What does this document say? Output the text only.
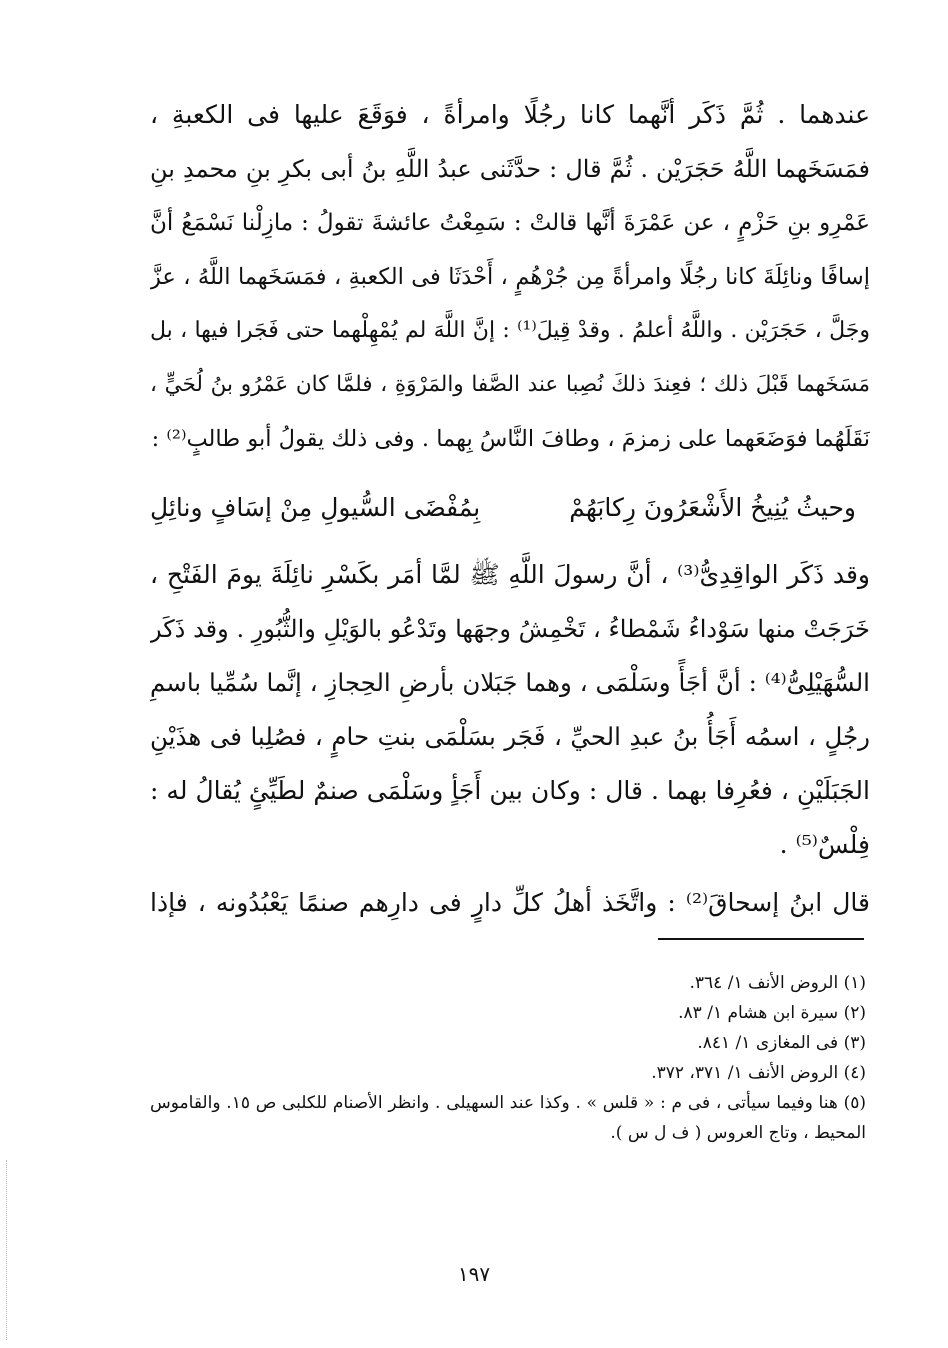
عندهما . ثُمَّ ذَكَر أنَّهما كانا رجُلًا وامرأةً ، فوَقَعَ عليها فى الكعبةِ ،
فمَسَخَهما اللَّهُ حَجَرَيْن . ثُمَّ قال : حدَّثَنى عبدُ اللَّهِ بنُ أبى بكرِ بنِ محمدِ بنِ
عَمْرِو بنِ حَزْمٍ ، عن عَمْرَةَ أنَّها قالتْ : سَمِعْتُ عائشةَ تقولُ : مازِلْنا نَسْمَعُ أنَّ
إسافًا ونائِلَةَ كانا رجُلًا وامرأةً مِن جُرْهُمٍ ، أَحْدَثَا فى الكعبةِ ، فمَسَخَهما اللَّهُ ، عزَّ
وجَلَّ ، حَجَرَيْن . واللَّهُ أعلمُ . وقدْ قِيلَ⁽¹⁾ : إنَّ اللَّهَ لم يُمْهِلْهما حتى فَجَرا فيها ، بل
مَسَخَهما قَبْلَ ذلك ؛ فعِندَ ذلكَ نُصِبا عند الصَّفا والمَرْوَةِ ، فلمَّا كان عَمْرُو بنُ لُحَيٍّ ،
نَقَلَهُما فوَضَعَهما على زمزمَ ، وطافَ النَّاسُ بِهما . وفى ذلك يقولُ أبو طالبٍ⁽²⁾ :
وحيثُ يُنِيخُ الأَشْعَرُونَ رِكابَهُمْ
بِمُفْضَى السُّيولِ مِنْ إسَافٍ ونائِلِ
وقد ذَكَر الواقِدِىُّ⁽³⁾ ، أنَّ رسولَ اللَّهِ ﷺ لمَّا أمَر بكَسْرِ نائِلَةَ يومَ الفَتْحِ ،
خَرَجَتْ منها سَوْداءُ شَمْطاءُ ، تَخْمِشُ وجهَها وتَدْعُو بالوَيْلِ والثُّبُورِ . وقد ذَكَر
السُّهَيْلِىُّ⁽⁴⁾ : أنَّ أجَأً وسَلْمَى ، وهما جَبَلان بأرضِ الحِجازِ ، إنَّما سُمِّيا باسمِ
رجُلٍ ، اسمُه أَجَأُ بنُ عبدِ الحيِّ ، فَجَر بسَلْمَى بنتِ حامٍ ، فصُلِبا فى هذَيْنِ
الجَبَلَيْنِ ، فعُرِفا بهما . قال : وكان بين أَجَأٍ وسَلْمَى صنمٌ لطَيِّئٍ يُقالُ له :
فِلْسٌ⁽⁵⁾ .
قال ابنُ إسحاقَ⁽²⁾ : واتَّخَذ أهلُ كلِّ دارٍ فى دارِهم صنمًا يَعْبُدُونه ، فإذا
(١) الروض الأنف ١/ ٣٦٤.
(٢) سيرة ابن هشام ١/ ٨٣.
(٣) فى المغازى ١/ ٨٤١.
(٤) الروض الأنف ١/ ٣٧١، ٣٧٢.
(٥) هنا وفيما سيأتى ، فى م : « قلس » . وكذا عند السهيلى . وانظر الأصنام للكلبى ص ١٥. والقاموس
المحيط ، وتاج العروس ( ف ل س ).
١٩٧
